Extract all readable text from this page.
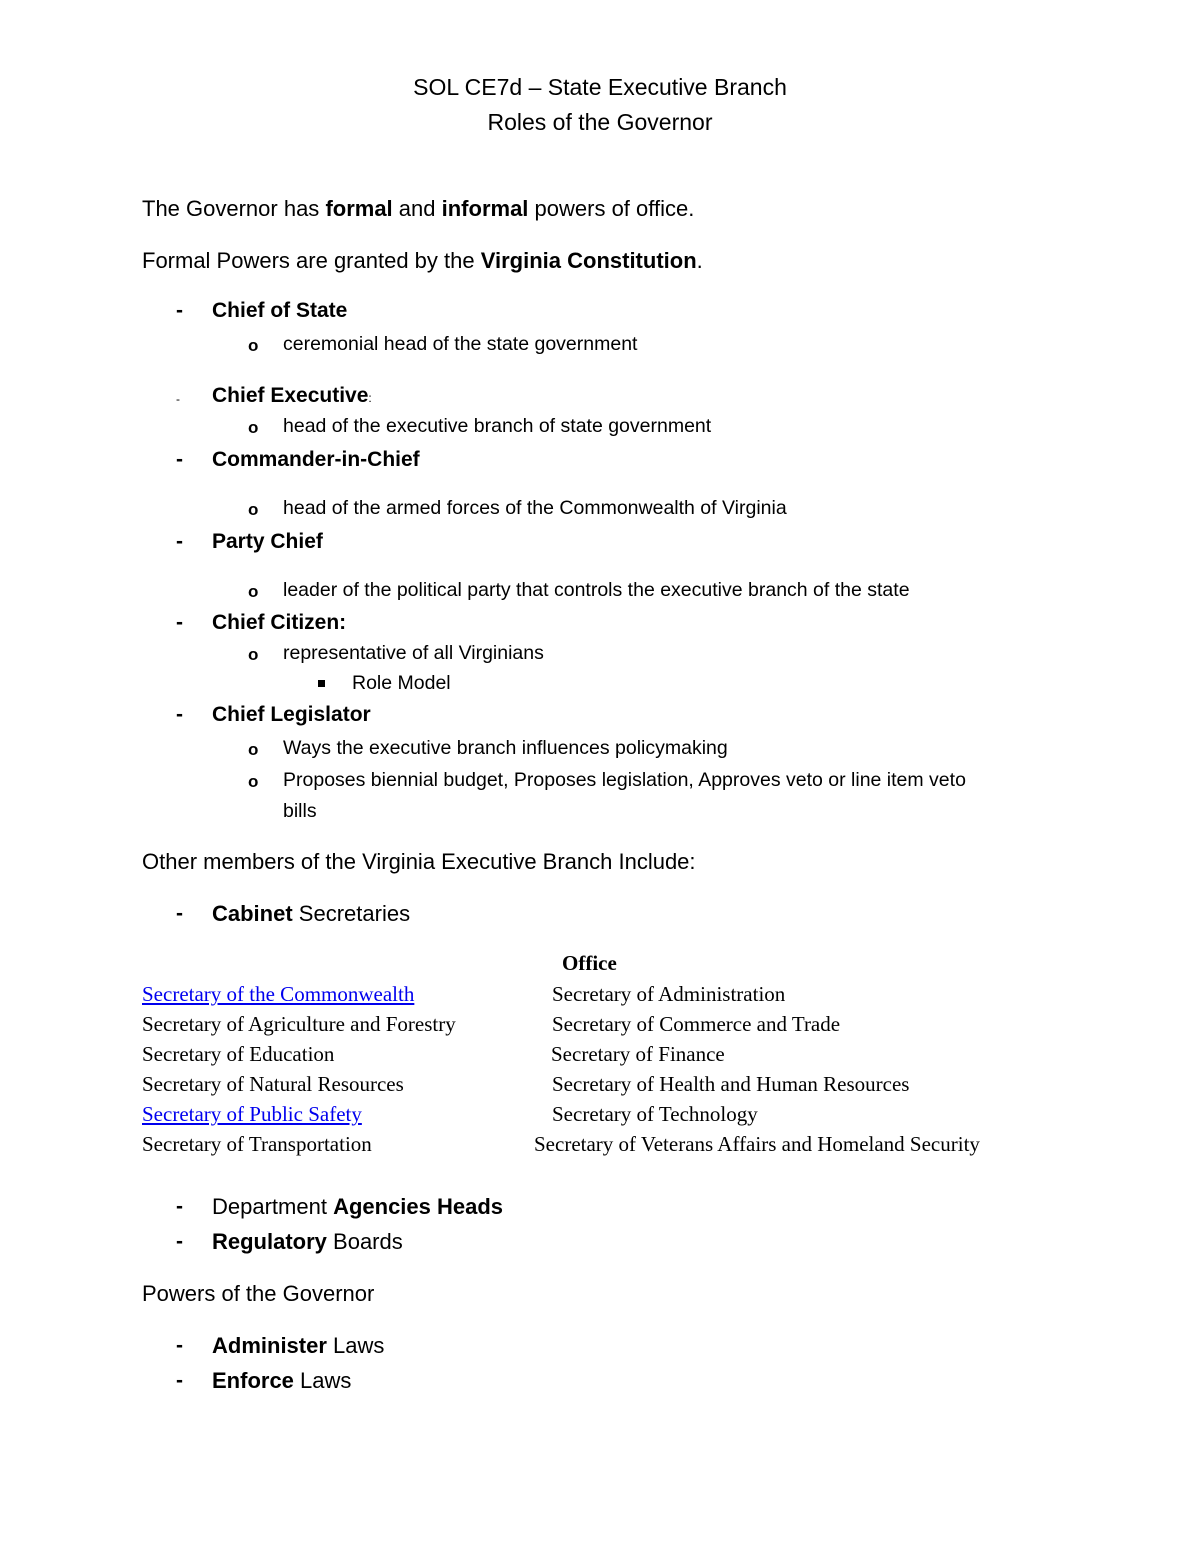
SOL CE7d – State Executive Branch
Roles of the Governor
The Governor has formal and informal powers of office.
Formal Powers are granted by the Virginia Constitution.
- Chief of State
o ceremonial head of the state government
- Chief Executive:
o head of the executive branch of state government
- Commander-in-Chief
o head of the armed forces of the Commonwealth of Virginia
- Party Chief
o leader of the political party that controls the executive branch of the state
- Chief Citizen:
o representative of all Virginians
Role Model
- Chief Legislator
o Ways the executive branch influences policymaking
o Proposes biennial budget, Proposes legislation, Approves veto or line item veto
bills
Other members of the Virginia Executive Branch Include:
- Cabinet Secretaries
Office
Secretary of the Commonwealth
Secretary of Agriculture and Forestry
Secretary of Education
Secretary of Natural Resources
Secretary of Public Safety
Secretary of Transportation
Secretary of Administration
Secretary of Commerce and Trade
Secretary of Finance
Secretary of Health and Human Resources
Secretary of Technology
Secretary of Veterans Affairs and Homeland Security
- Department Agencies Heads
- Regulatory Boards
Powers of the Governor
- Administer Laws
- Enforce Laws
